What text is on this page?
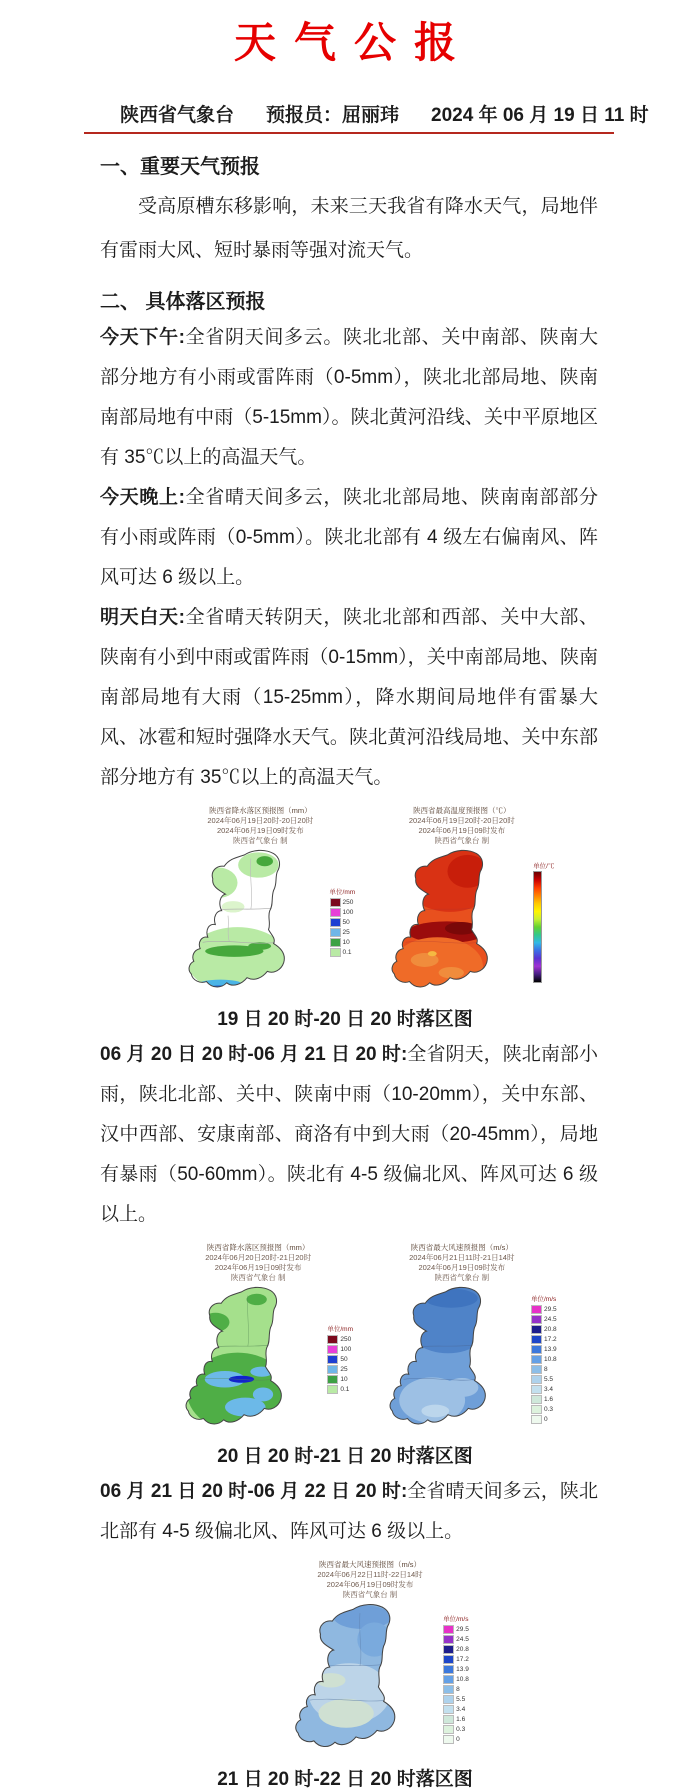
天气公报
陕西省气象台 预报员：屈丽玮 2024 年 06 月 19 日 11 时
一、重要天气预报

受高原槽东移影响，未来三天我省有降水天气，局地伴有雷雨大风、短时暴雨等强对流天气。

二、 具体落区预报

今天下午:全省阴天间多云。陕北北部、关中南部、陕南大部分地方有小雨或雷阵雨（0-5mm），陕北北部局地、陕南南部局地有中雨（5-15mm）。陕北黄河沿线、关中平原地区有 35℃以上的高温天气。

今天晚上:全省晴天间多云，陕北北部局地、陕南南部部分有小雨或阵雨（0-5mm）。陕北北部有 4 级左右偏南风、阵风可达 6 级以上。

明天白天:全省晴天转阴天，陕北北部和西部、关中大部、陕南有小到中雨或雷阵雨（0-15mm），关中南部局地、陕南南部局地有大雨（15-25mm），降水期间局地伴有雷暴大风、冰雹和短时强降水天气。陕北黄河沿线局地、关中东部部分地方有 35℃以上的高温天气。

陕西省降水落区预报图（mm）
2024年06月19日20时-20日20时
2024年06月19日09时发布
陕西省气象台 制
单位/mm
250
100
50
25
10
0.1
陕西省最高温度预报图（℃）
2024年06月19日20时-20日20时
2024年06月19日09时发布
陕西省气象台 制
单位/℃
19 日 20 时-20 日 20 时落区图

06 月 20 日 20 时-06 月 21 日 20 时:全省阴天，陕北南部小雨，陕北北部、关中、陕南中雨（10-20mm），关中东部、汉中西部、安康南部、商洛有中到大雨（20-45mm），局地有暴雨（50-60mm）。陕北有 4-5 级偏北风、阵风可达 6 级以上。

陕西省降水落区预报图（mm）
2024年06月20日20时-21日20时
2024年06月19日09时发布
陕西省气象台 制
单位/mm
250
100
50
25
10
0.1
陕西省最大风速预报图（m/s）
2024年06月21日11时-21日14时
2024年06月19日09时发布
陕西省气象台 制
单位/m/s
29.5
24.5
20.8
17.2
13.9
10.8
8
5.5
3.4
1.6
0.3
0
20 日 20 时-21 日 20 时落区图

06 月 21 日 20 时-06 月 22 日 20 时:全省晴天间多云，陕北北部有 4-5 级偏北风、阵风可达 6 级以上。

陕西省最大风速预报图（m/s）
2024年06月22日11时-22日14时
2024年06月19日09时发布
陕西省气象台 制
单位/m/s
29.5
24.5
20.8
17.2
13.9
10.8
8
5.5
3.4
1.6
0.3
0
21 日 20 时-22 日 20 时落区图
